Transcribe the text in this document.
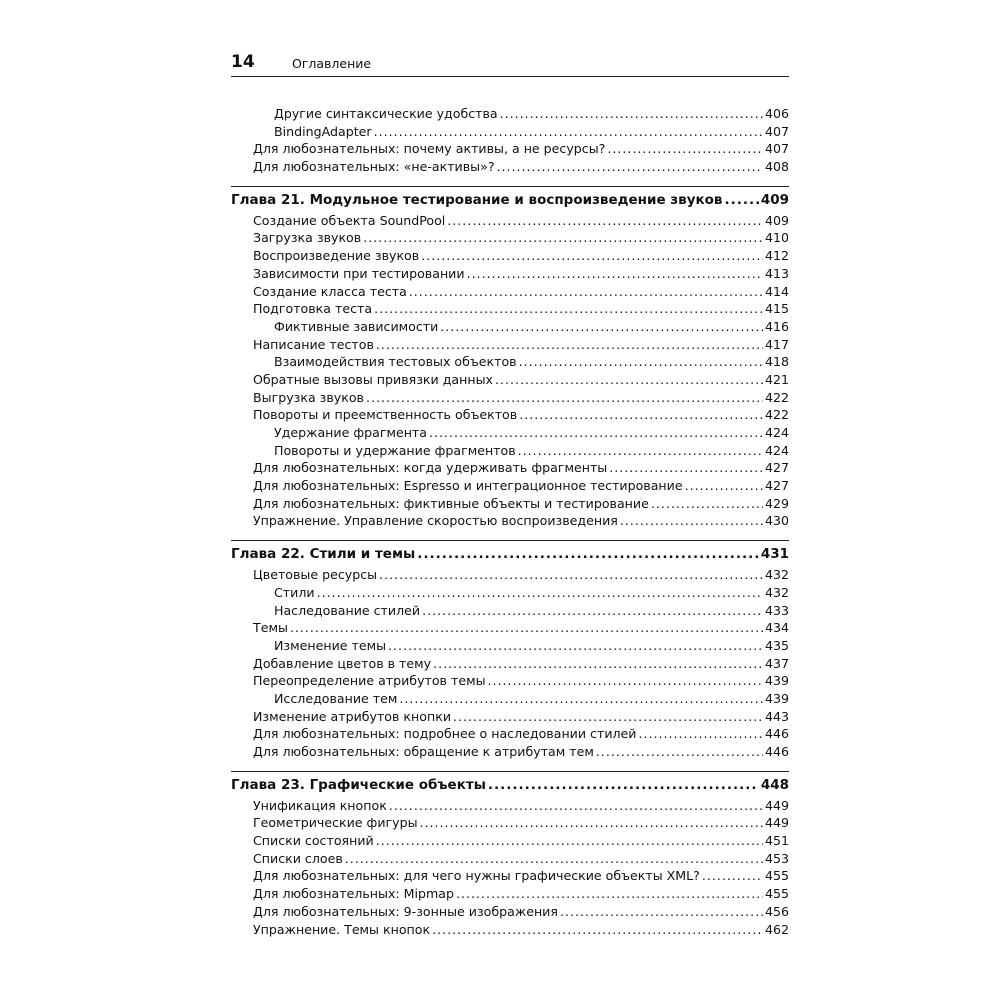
14	Оглавление
Другие синтаксические удобства .....	406
BindingAdapter .....	407
Для любознательных: почему активы, а не ресурсы? .....	407
Для любознательных: «не-активы»? .....	408
Глава 21. Модульное тестирование и воспроизведение звуков .....	409
Создание объекта SoundPool .....	409
Загрузка звуков .....	410
Воспроизведение звуков .....	412
Зависимости при тестировании .....	413
Создание класса теста .....	414
Подготовка теста .....	415
Фиктивные зависимости .....	416
Написание тестов .....	417
Взаимодействия тестовых объектов .....	418
Обратные вызовы привязки данных .....	421
Выгрузка звуков .....	422
Повороты и преемственность объектов .....	422
Удержание фрагмента .....	424
Повороты и удержание фрагментов .....	424
Для любознательных: когда удерживать фрагменты .....	427
Для любознательных: Espresso и интеграционное тестирование .....	427
Для любознательных: фиктивные объекты и тестирование .....	429
Упражнение. Управление скоростью воспроизведения .....	430
Глава 22. Стили и темы .....	431
Цветовые ресурсы .....	432
Стили .....	432
Наследование стилей .....	433
Темы .....	434
Изменение темы .....	435
Добавление цветов в тему .....	437
Переопределение атрибутов темы .....	439
Исследование тем .....	439
Изменение атрибутов кнопки .....	443
Для любознательных: подробнее о наследовании стилей .....	446
Для любознательных: обращение к атрибутам тем .....	446
Глава 23. Графические объекты .....	448
Унификация кнопок .....	449
Геометрические фигуры .....	449
Списки состояний .....	451
Списки слоев .....	453
Для любознательных: для чего нужны графические объекты XML? .....	455
Для любознательных: Mipmap .....	455
Для любознательных: 9-зонные изображения .....	456
Упражнение. Темы кнопок .....	462
